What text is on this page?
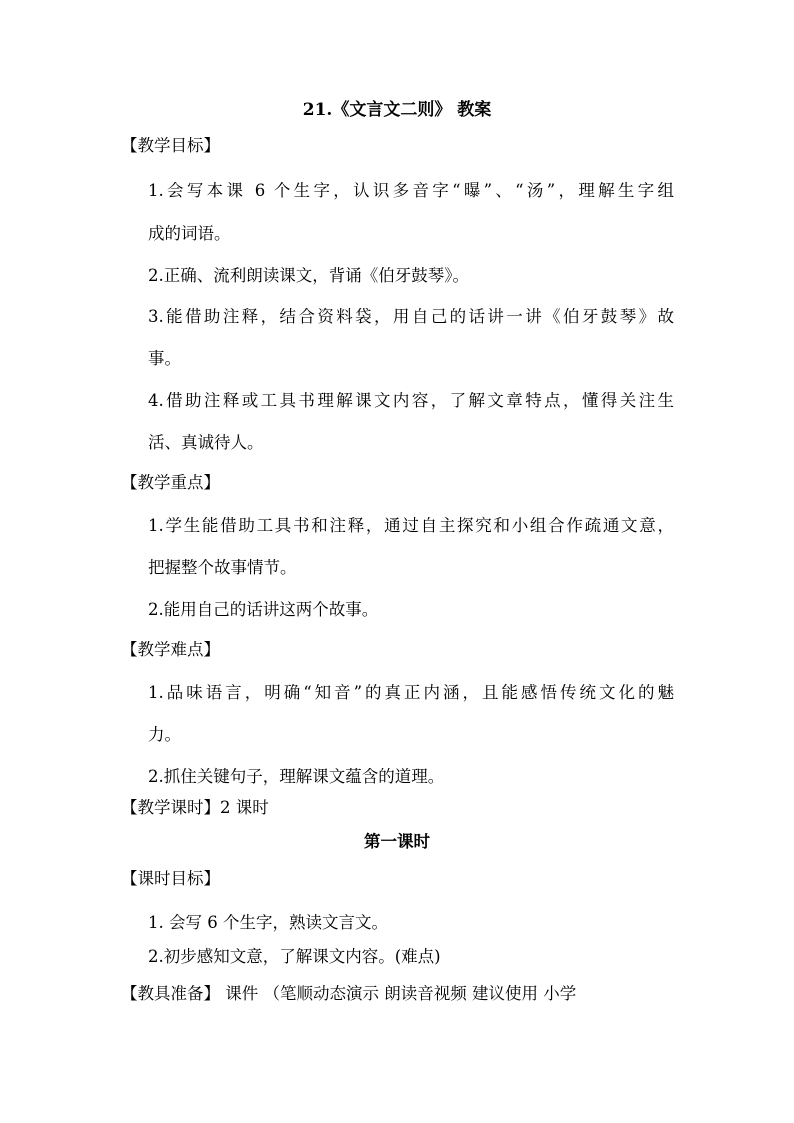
21.《文言文二则》 教案
【教学目标】
1.会写本课 6 个生字，认识多音字“曝”、“汤”，理解生字组
成的词语。
2.正确、流利朗读课文，背诵《伯牙鼓琴》。
3.能借助注释，结合资料袋，用自己的话讲一讲《伯牙鼓琴》故
事。
4.借助注释或工具书理解课文内容，了解文章特点，懂得关注生
活、真诚待人。
【教学重点】
1.学生能借助工具书和注释，通过自主探究和小组合作疏通文意，
把握整个故事情节。
2.能用自己的话讲这两个故事。
【教学难点】
1.品味语言，明确“知音”的真正内涵，且能感悟传统文化的魅
力。
2.抓住关键句子，理解课文蕴含的道理。
【教学课时】2 课时
第一课时
【课时目标】
1. 会写 6 个生字，熟读文言文。
2.初步感知文意，了解课文内容。(难点)
【教具准备】 课件 （笔顺动态演示 朗读音视频 建议使用 小学
